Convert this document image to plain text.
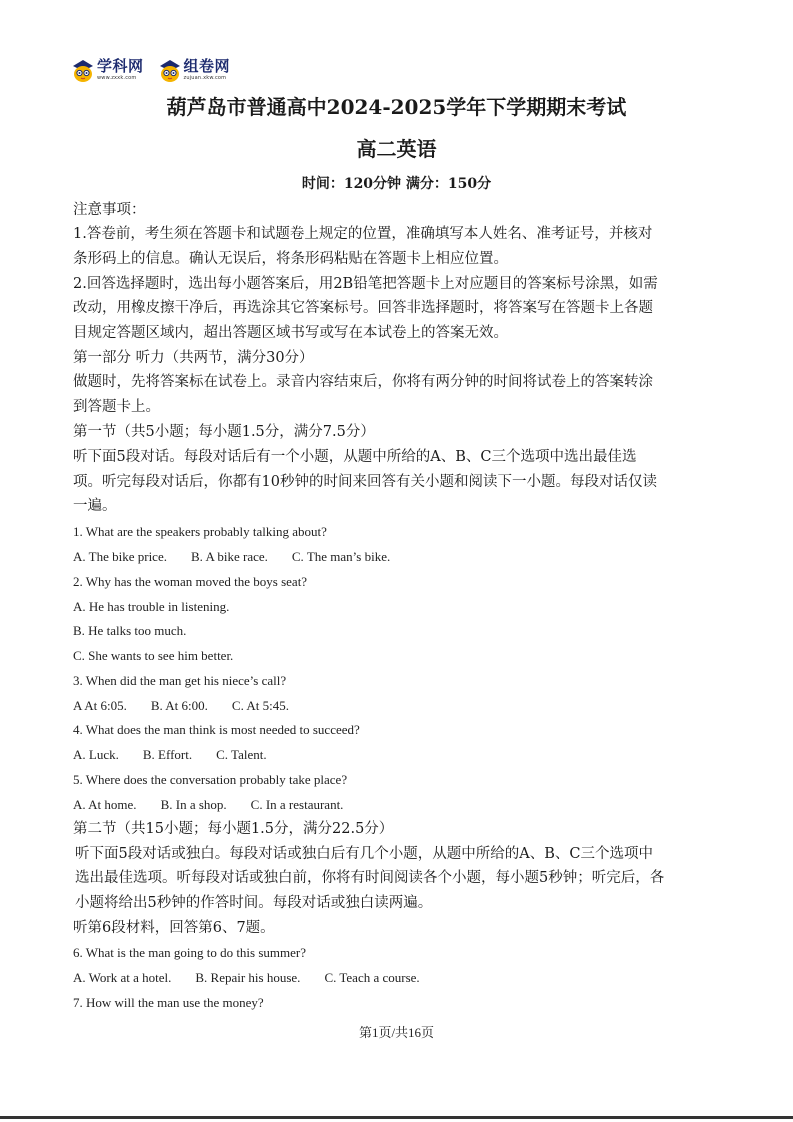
学科网
www.zxxk.com
组卷网
zujuan.xkw.com
葫芦岛市普通高中2024-2025学年下学期期末考试
高二英语
时间：120分钟 满分：150分
注意事项：
1.答卷前，考生须在答题卡和试题卷上规定的位置，准确填写本人姓名、准考证号，并核对
条形码上的信息。确认无误后，将条形码粘贴在答题卡上相应位置。
2.回答选择题时，选出每小题答案后，用2B铅笔把答题卡上对应题目的答案标号涂黑，如需
改动，用橡皮擦干净后，再选涂其它答案标号。回答非选择题时，将答案写在答题卡上各题
目规定答题区域内，超出答题区域书写或写在本试卷上的答案无效。
第一部分 听力（共两节，满分30分）
做题时，先将答案标在试卷上。录音内容结束后，你将有两分钟的时间将试卷上的答案转涂
到答题卡上。
第一节（共5小题；每小题1.5分，满分7.5分）
听下面5段对话。每段对话后有一个小题，从题中所给的A、B、C三个选项中选出最佳选
项。听完每段对话后，你都有10秒钟的时间来回答有关小题和阅读下一小题。每段对话仅读
一遍。
1. What are the speakers probably talking about?
A. The bike price. B. A bike race. C. The man’s bike.
2. Why has the woman moved the boys seat?
A. He has trouble in listening.
B. He talks too much.
C. She wants to see him better.
3. When did the man get his niece’s call?
A At 6:05. B. At 6:00. C. At 5:45.
4. What does the man think is most needed to succeed?
A. Luck. B. Effort. C. Talent.
5. Where does the conversation probably take place?
A. At home. B. In a shop. C. In a restaurant.
第二节（共15小题；每小题1.5分，满分22.5分）
听下面5段对话或独白。每段对话或独白后有几个小题，从题中所给的A、B、C三个选项中
选出最佳选项。听每段对话或独白前，你将有时间阅读各个小题，每小题5秒钟；听完后，各
小题将给出5秒钟的作答时间。每段对话或独白读两遍。
听第6段材料，回答第6、7题。
6. What is the man going to do this summer?
A. Work at a hotel. B. Repair his house. C. Teach a course.
7. How will the man use the money?
第1页/共16页
